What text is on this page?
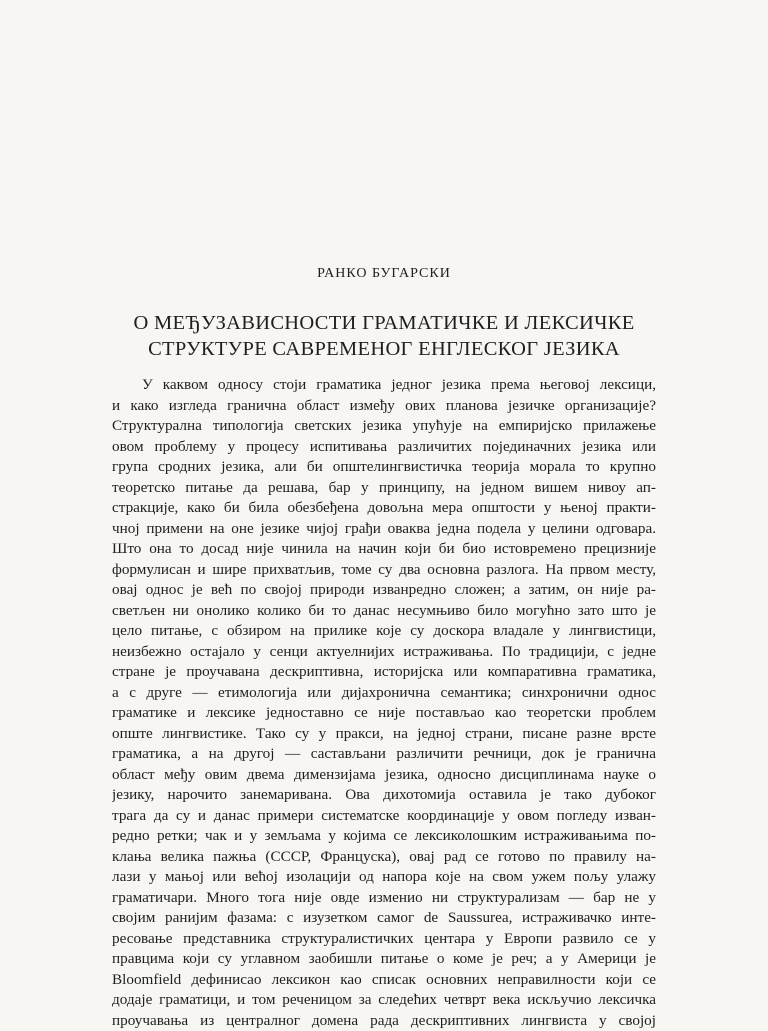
РАНКО БУГАРСКИ
О МЕЂУЗАВИСНОСТИ ГРАМАТИЧКЕ И ЛЕКСИЧКЕ
СТРУКТУРЕ САВРЕМЕНОГ ЕНГЛЕСКОГ ЈЕЗИКА
У каквом односу стоји граматика једног језика према његовој лексици,
и како изгледа гранична област између ових планова језичке организације?
Структурална типологија светских језика упућује на емпиријско прилажење
овом проблему у процесу испитивања различитих појединачних језика или
група сродних језика, али би општелингвистичка теорија морала то крупно
теоретско питање да решава, бар у принципу, на једном вишем нивоу ап-
стракције, како би била обезбеђена довољна мера општости у њеној практи-
чној примени на оне језике чијој грађи оваква једна подела у целини одговара.
Што она то досад није чинила на начин који би био истовремено прецизније
формулисан и шире прихватљив, томе су два основна разлога. На првом месту,
овај однос је већ по својој природи изванредно сложен; а затим, он није ра-
светљен ни онолико колико би то данас несумњиво било могућно зато што је
цело питање, с обзиром на прилике које су доскора владале у лингвистици,
неизбежно остајало у сенци актуелнијих истраживања. По традицији, с једне
стране је проучавана дескриптивна, историјска или компаративна граматика,
а с друге — етимологија или дијахронична семантика; синхронични однос
граматике и лексике једноставно се није постављао као теоретски проблем
опште лингвистике. Тако су у пракси, на једној страни, писане разне врсте
граматика, а на другој — састављани различити речници, док је гранична
област међу овим двема димензијама језика, односно дисциплинама науке о
језику, нарочито занемаривана. Ова дихотомија оставила је тако дубоког
трага да су и данас примери систематске координације у овом погледу изван-
редно ретки; чак и у земљама у којима се лексиколошким истраживањима по-
клања велика пажња (СССР, Француска), овај рад се готово по правилу на-
лази у мањој или већој изолацији од напора које на свом ужем пољу улажу
граматичари. Много тога није овде изменио ни структурализам — бар не у
својим ранијим фазама: с изузетком самог de Saussurea, истраживачко инте-
ресовање представника структуралистичких центара у Европи развило се у
правцима који су углавном заобишли питање о коме је реч; а у Америци је
Bloomfield дефинисао лексикон као списак основних неправилности који се
додаје граматици, и том реченицом за следећих четврт века искључио лексичка
проучавања из централног домена рада дескриптивних лингвиста у својој
